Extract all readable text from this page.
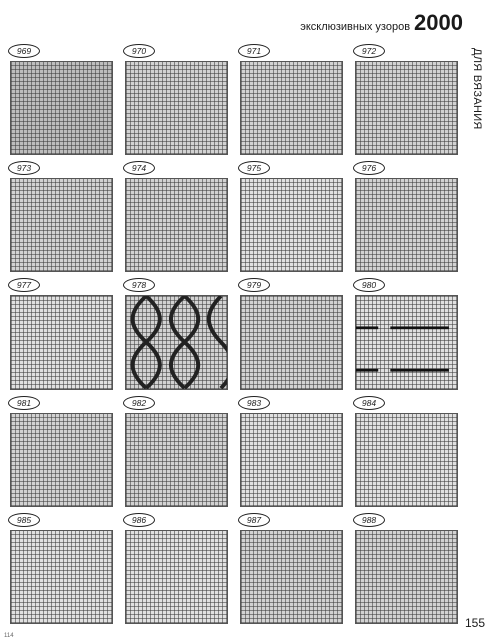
эксклюзивных узоров 2000
ДЛЯ ВЯЗАНИЯ
969	970	971	972
973	974	975	976
977	978	979	980
981	982	983	984
985	986	987	988
155
114
